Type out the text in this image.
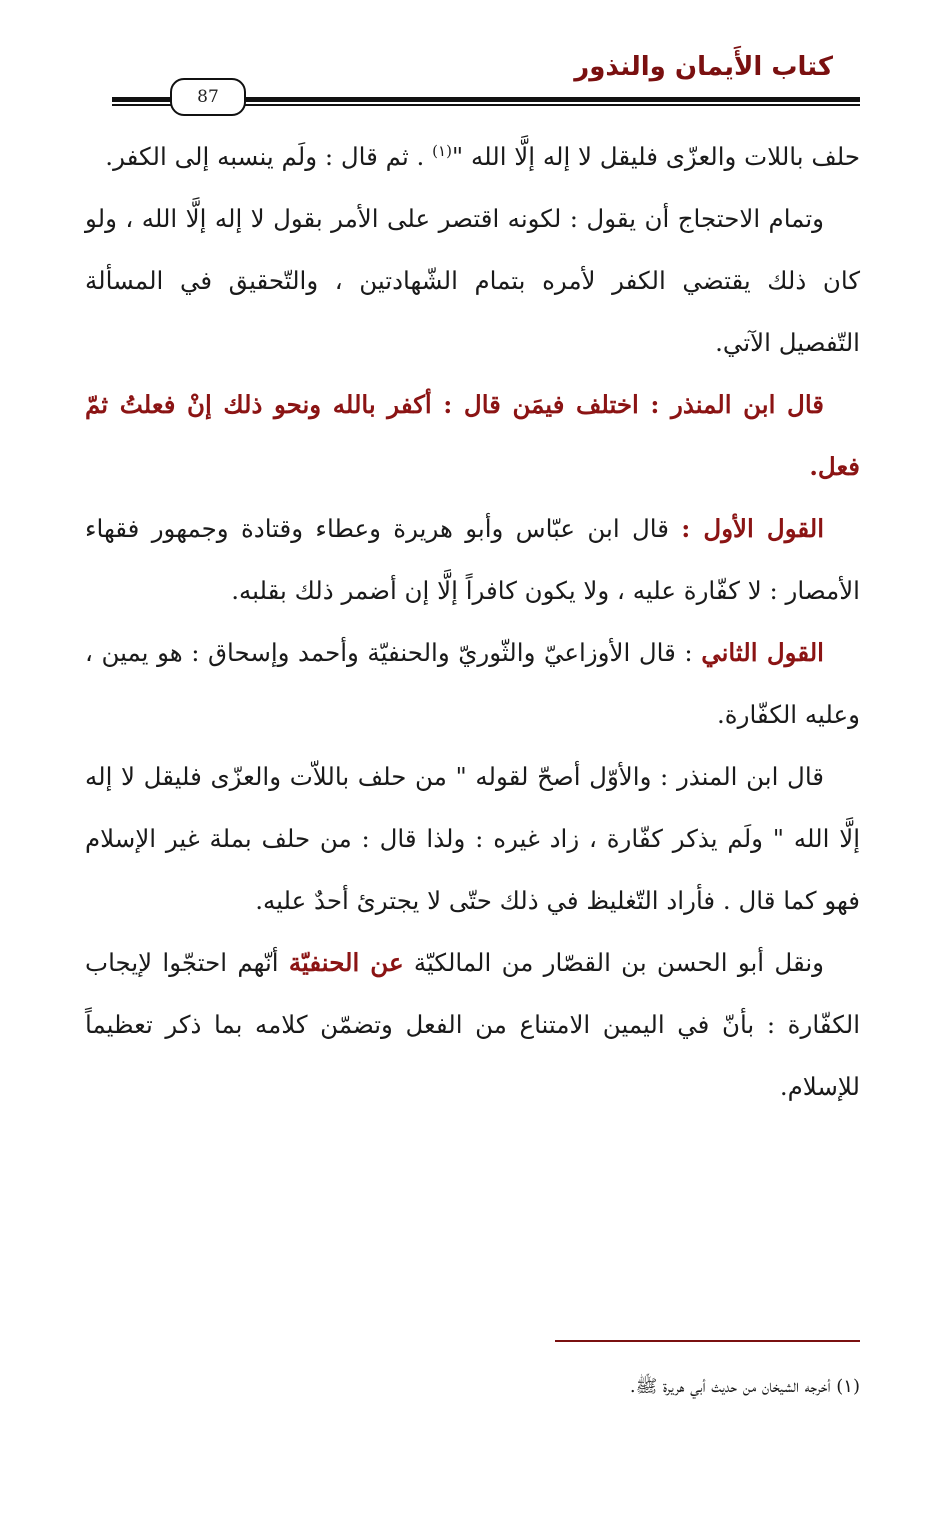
كتاب الأَيمان والنذور
87

حلف باللات والعزّى فليقل لا إله إلَّا الله "$^{(١)}$ . ثم قال : ولَم ينسبه إلى الكفر.

وتمام الاحتجاج أن يقول : لكونه اقتصر على الأمر بقول لا إله إلَّا الله ، ولو كان ذلك يقتضي الكفر لأمره بتمام الشّهادتين ، والتّحقيق في المسألة التّفصيل الآتي.

قال ابن المنذر : اختلف فيمَن قال : أكفر بالله ونحو ذلك إنْ فعلتُ ثمّ فعل.

القول الأول : قال ابن عبّاس وأبو هريرة وعطاء وقتادة وجمهور فقهاء الأمصار : لا كفّارة عليه ، ولا يكون كافراً إلَّا إن أضمر ذلك بقلبه.

القول الثاني : قال الأوزاعيّ والثّوريّ والحنفيّة وأحمد وإسحاق : هو يمين ، وعليه الكفّارة.

قال ابن المنذر : والأوّل أصحّ لقوله " من حلف باللاّت والعزّى فليقل لا إله إلَّا الله " ولَم يذكر كفّارة ، زاد غيره : ولذا قال : من حلف بملة غير الإسلام فهو كما قال . فأراد التّغليظ في ذلك حتّى لا يجترئ أحدٌ عليه.

ونقل أبو الحسن بن القصّار من المالكيّة عن الحنفيّة أنّهم احتجّوا لإيجاب الكفّارة : بأنّ في اليمين الامتناع من الفعل وتضمّن كلامه بما ذكر تعظيماً للإسلام.

(١) أخرجه الشيخان من حديث أبي هريرة ﷺ.
